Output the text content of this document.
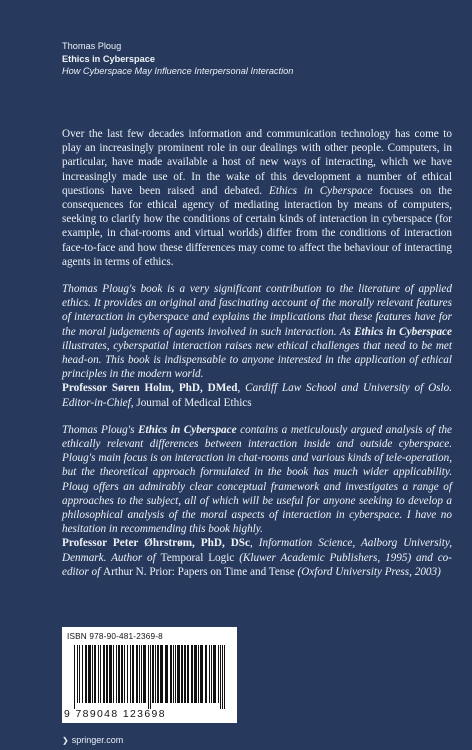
Thomas Ploug
Ethics in Cyberspace
How Cyberspace May Influence Interpersonal Interaction

Over the last few decades information and communication technology has come to play an increasingly prominent role in our dealings with other people. Computers, in particular, have made available a host of new ways of interacting, which we have increasingly made use of. In the wake of this development a number of ethical questions have been raised and debated. Ethics in Cyberspace focuses on the consequences for ethical agency of mediating interaction by means of computers, seeking to clarify how the conditions of certain kinds of interaction in cyberspace (for example, in chat-rooms and virtual worlds) differ from the conditions of interaction face-to-face and how these differences may come to affect the behaviour of interacting agents in terms of ethics.

Thomas Ploug's book is a very significant contribution to the literature of applied ethics. It provides an original and fascinating account of the morally relevant features of interaction in cyberspace and explains the implications that these features have for the moral judgements of agents involved in such interaction. As Ethics in Cyberspace illustrates, cyberspatial interaction raises new ethical challenges that need to be met head-on. This book is indispensable to anyone interested in the application of ethical principles in the modern world.
Professor Søren Holm, PhD, DMed, Cardiff Law School and University of Oslo. Editor-in-Chief, Journal of Medical Ethics

Thomas Ploug's Ethics in Cyberspace contains a meticulously argued analysis of the ethically relevant differences between interaction inside and outside cyberspace. Ploug's main focus is on interaction in chat-rooms and various kinds of tele-operation, but the theoretical approach formulated in the book has much wider applicability. Ploug offers an admirably clear conceptual framework and investigates a range of approaches to the subject, all of which will be useful for anyone seeking to develop a philosophical analysis of the moral aspects of interaction in cyberspace. I have no hesitation in recommending this book highly.
Professor Peter Øhrstrøm, PhD, DSc, Information Science, Aalborg University, Denmark. Author of Temporal Logic (Kluwer Academic Publishers, 1995) and co-editor of Arthur N. Prior: Papers on Time and Tense (Oxford University Press, 2003)

ISBN 978-90-481-2369-8
9 789048 123698
❯ springer.com
